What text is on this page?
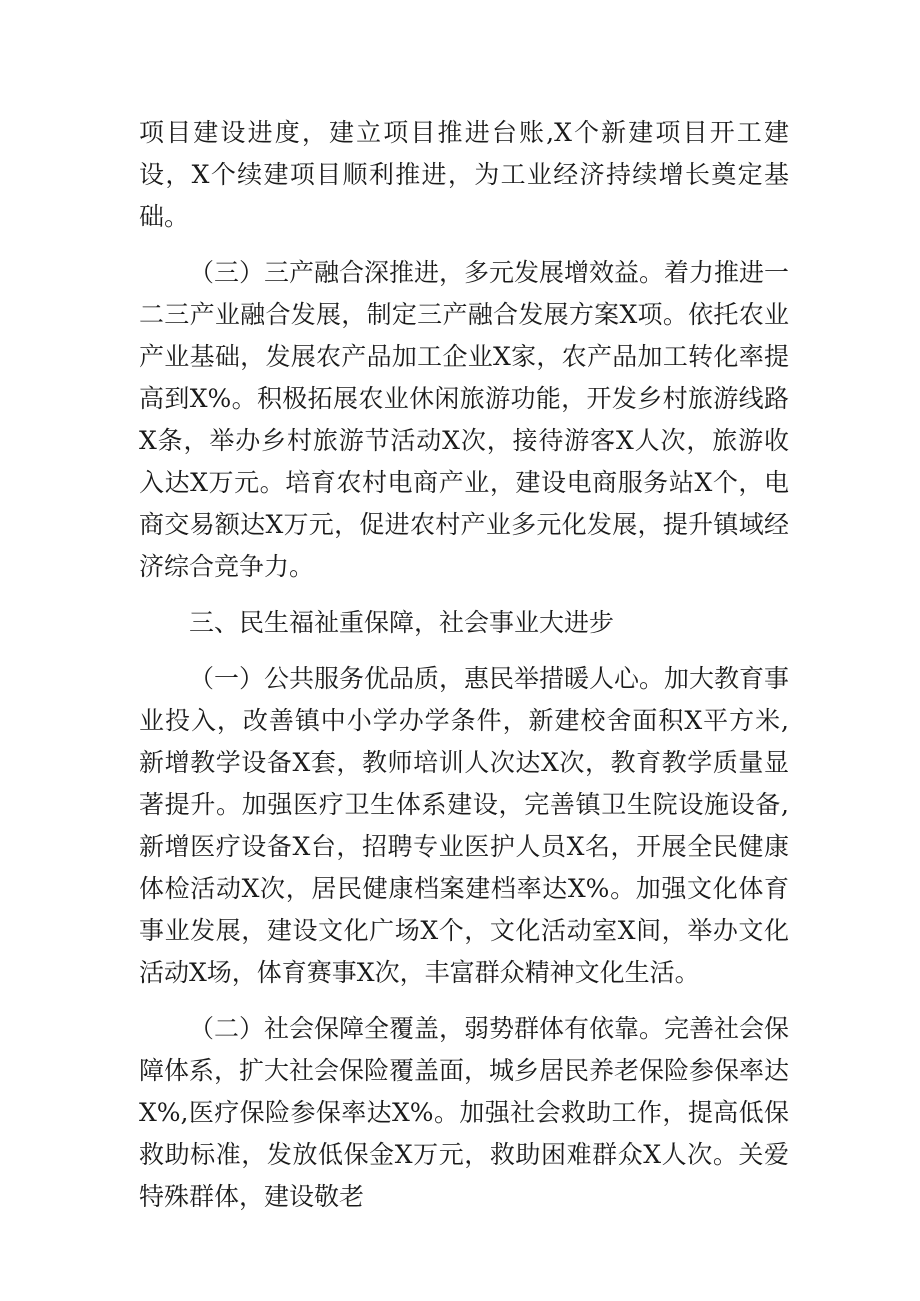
项目建设进度，建立项目推进台账,X个新建项目开工建设，X个续建项目顺利推进，为工业经济持续增长奠定基础。

（三）三产融合深推进，多元发展增效益。着力推进一二三产业融合发展，制定三产融合发展方案X项。依托农业产业基础，发展农产品加工企业X家，农产品加工转化率提高到X%。积极拓展农业休闲旅游功能，开发乡村旅游线路X条，举办乡村旅游节活动X次，接待游客X人次，旅游收入达X万元。培育农村电商产业，建设电商服务站X个，电商交易额达X万元，促进农村产业多元化发展，提升镇域经济综合竞争力。

三、民生福祉重保障，社会事业大进步

（一）公共服务优品质，惠民举措暖人心。加大教育事业投入，改善镇中小学办学条件，新建校舍面积X平方米,新增教学设备X套，教师培训人次达X次，教育教学质量显著提升。加强医疗卫生体系建设，完善镇卫生院设施设备,新增医疗设备X台，招聘专业医护人员X名，开展全民健康体检活动X次，居民健康档案建档率达X%。加强文化体育事业发展，建设文化广场X个，文化活动室X间，举办文化活动X场，体育赛事X次，丰富群众精神文化生活。

（二）社会保障全覆盖，弱势群体有依靠。完善社会保障体系，扩大社会保险覆盖面，城乡居民养老保险参保率达X%,医疗保险参保率达X%。加强社会救助工作，提高低保救助标准，发放低保金X万元，救助困难群众X人次。关爱特殊群体，建设敬老
